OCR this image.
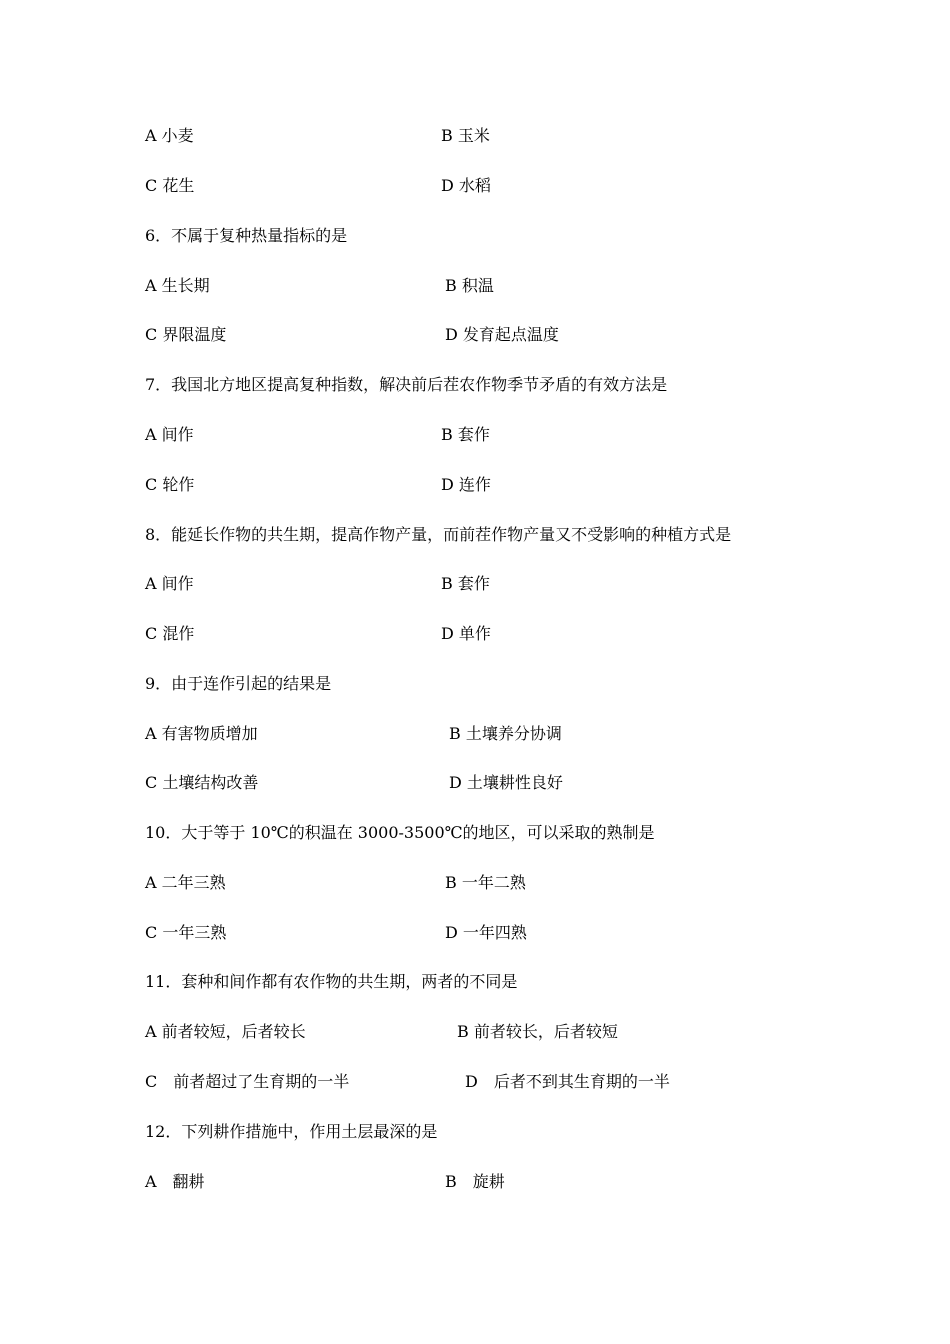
A 小麦	B 玉米
C 花生	D 水稻
6．不属于复种热量指标的是
A 生长期	B 积温
C 界限温度	D 发育起点温度
7．我国北方地区提高复种指数，解决前后茬农作物季节矛盾的有效方法是
A 间作	B 套作
C 轮作	D 连作
8．能延长作物的共生期，提高作物产量，而前茬作物产量又不受影响的种植方式是
A 间作	B 套作
C 混作	D 单作
9．由于连作引起的结果是
A 有害物质增加	B 土壤养分协调
C 土壤结构改善	D 土壤耕性良好
10．大于等于 10℃的积温在 3000-3500℃的地区，可以采取的熟制是
A 二年三熟	B 一年二熟
C 一年三熟	D 一年四熟
11．套种和间作都有农作物的共生期，两者的不同是
A 前者较短，后者较长	B 前者较长，后者较短
C　前者超过了生育期的一半	D　后者不到其生育期的一半
12．下列耕作措施中，作用土层最深的是
A　翻耕	B　旋耕
